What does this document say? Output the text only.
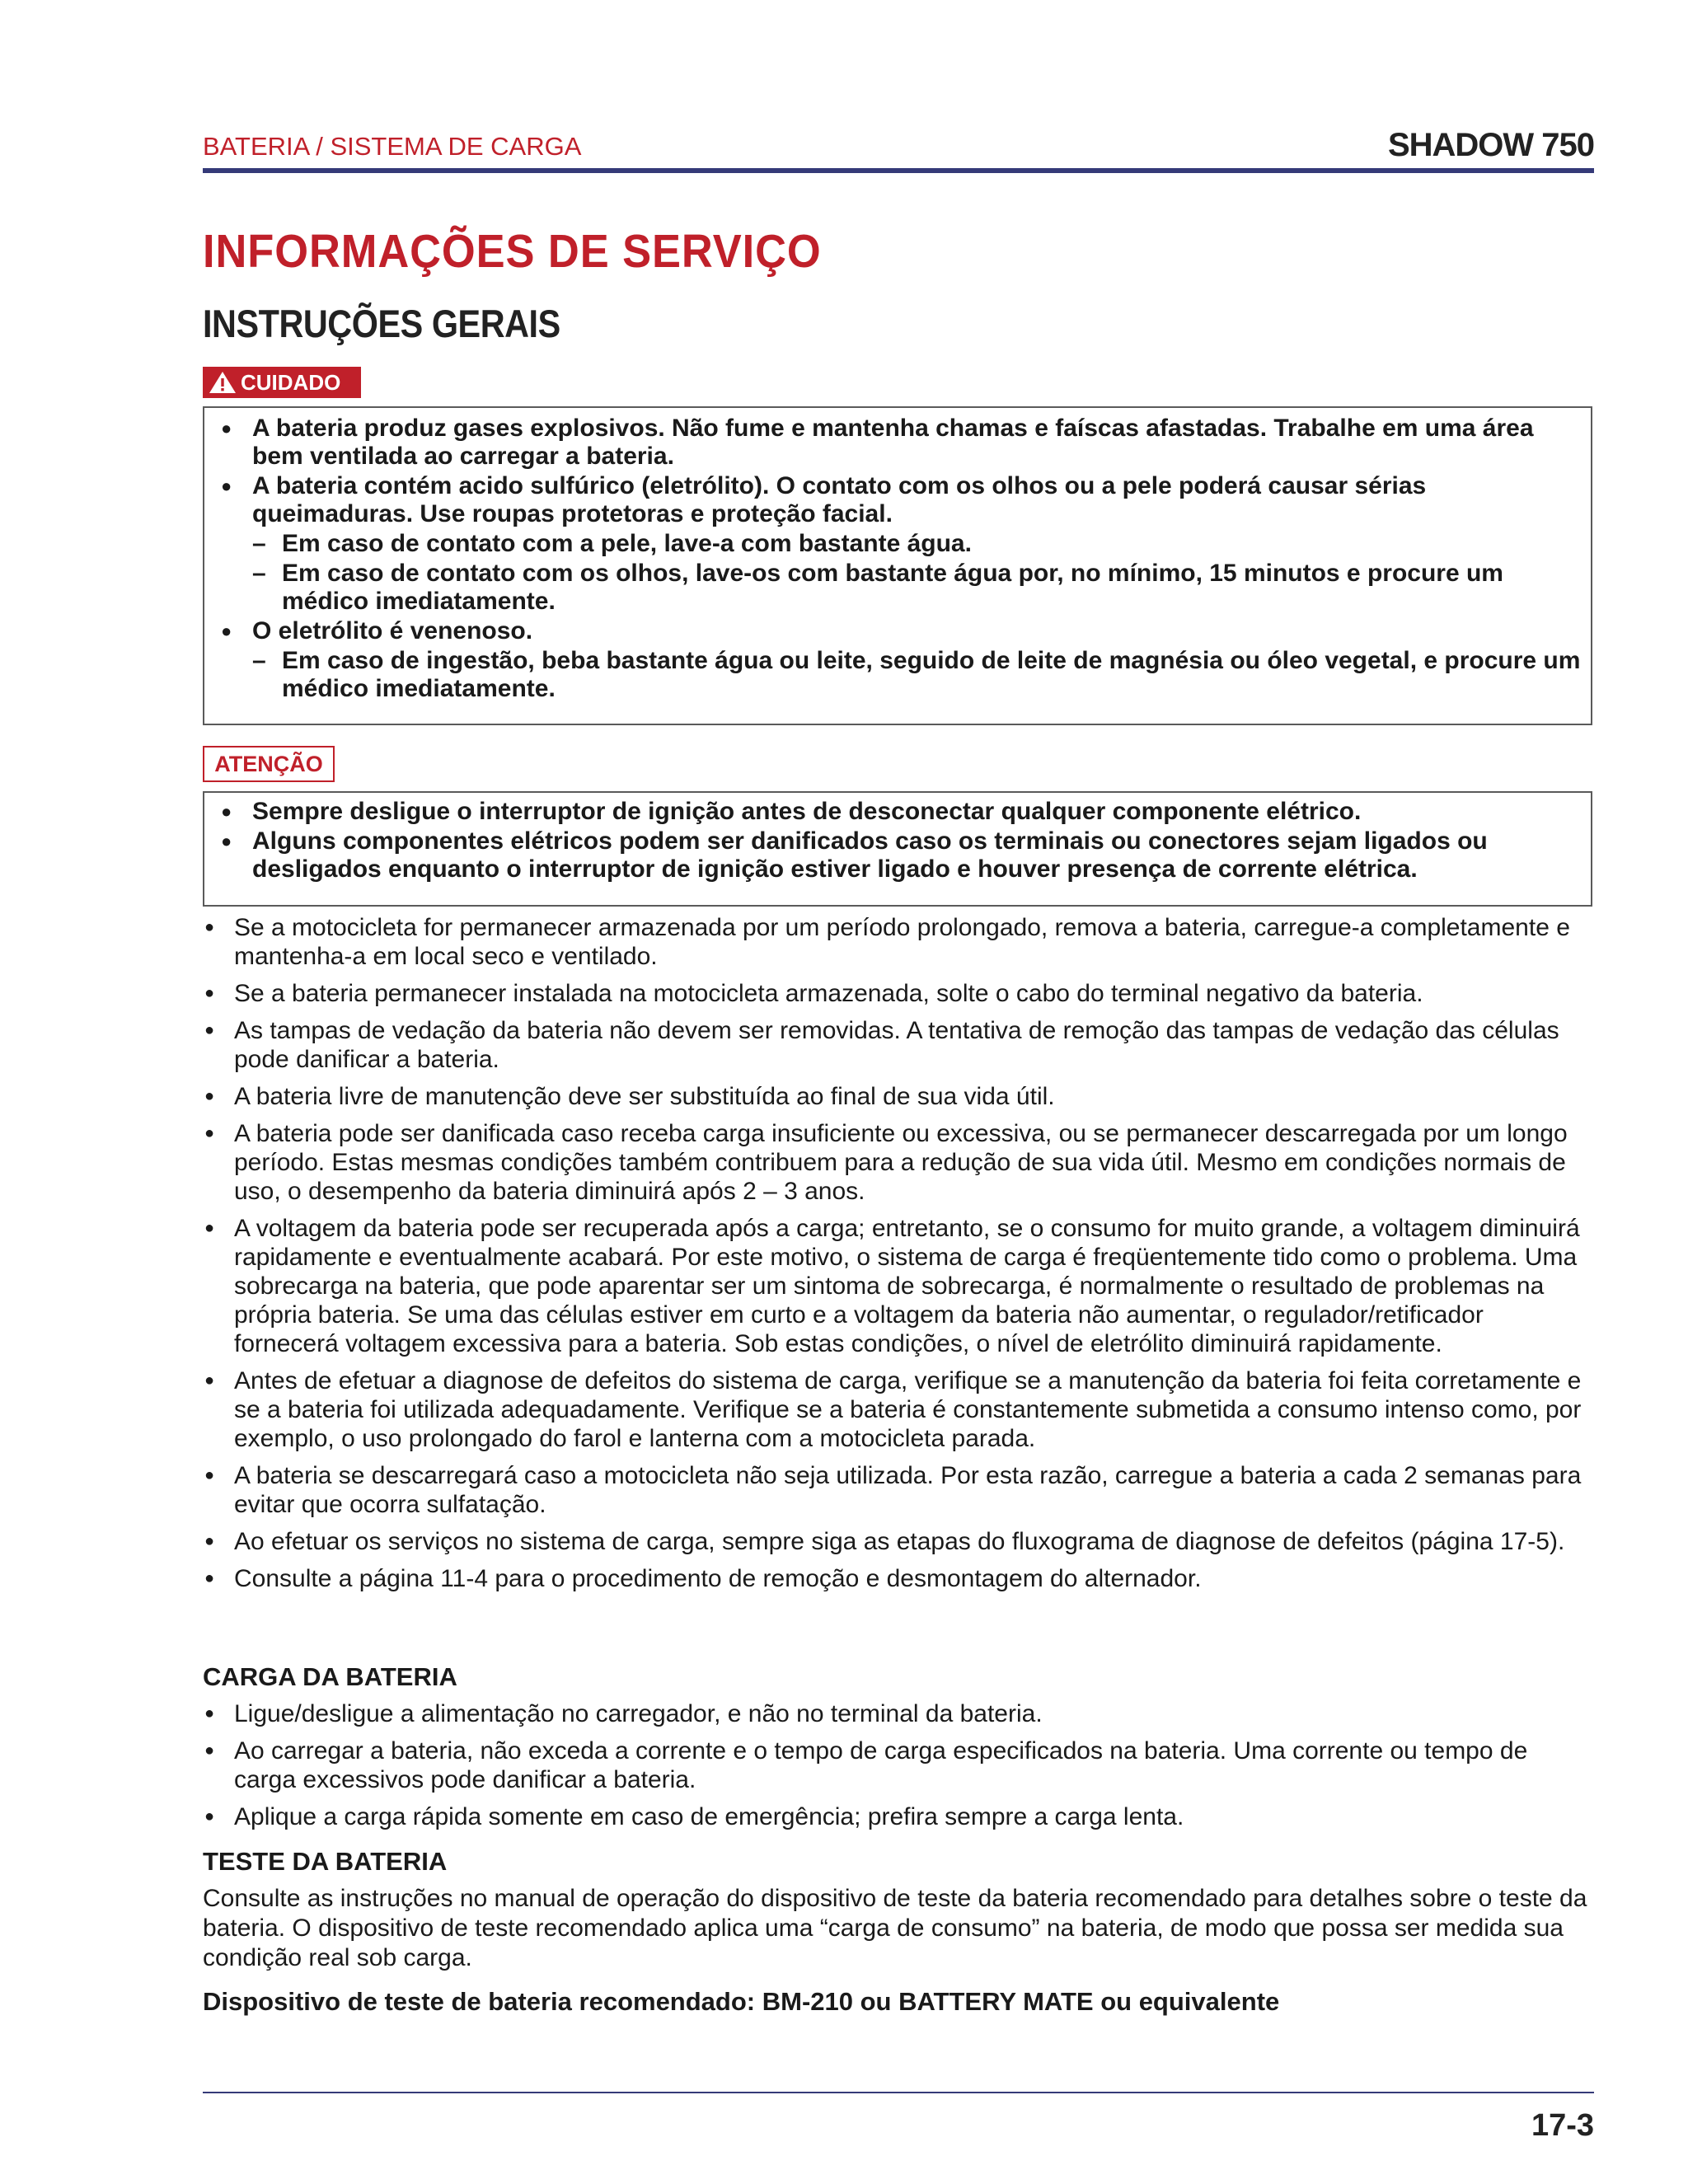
BATERIA / SISTEMA DE CARGA	SHADOW 750
INFORMAÇÕES DE SERVIÇO
INSTRUÇÕES GERAIS
CUIDADO
● A bateria produz gases explosivos. Não fume e mantenha chamas e faíscas afastadas. Trabalhe em uma área bem ventilada ao carregar a bateria.
● A bateria contém acido sulfúrico (eletrólito). O contato com os olhos ou a pele poderá causar sérias queimaduras. Use roupas protetoras e proteção facial.
– Em caso de contato com a pele, lave-a com bastante água.
– Em caso de contato com os olhos, lave-os com bastante água por, no mínimo, 15 minutos e procure um médico imediatamente.
● O eletrólito é venenoso.
– Em caso de ingestão, beba bastante água ou leite, seguido de leite de magnésia ou óleo vegetal, e procure um médico imediatamente.
ATENÇÃO
● Sempre desligue o interruptor de ignição antes de desconectar qualquer componente elétrico.
● Alguns componentes elétricos podem ser danificados caso os terminais ou conectores sejam ligados ou desligados enquanto o interruptor de ignição estiver ligado e houver presença de corrente elétrica.
● Se a motocicleta for permanecer armazenada por um período prolongado, remova a bateria, carregue-a completamente e mantenha-a em local seco e ventilado.
● Se a bateria permanecer instalada na motocicleta armazenada, solte o cabo do terminal negativo da bateria.
● As tampas de vedação da bateria não devem ser removidas. A tentativa de remoção das tampas de vedação das células pode danificar a bateria.
● A bateria livre de manutenção deve ser substituída ao final de sua vida útil.
● A bateria pode ser danificada caso receba carga insuficiente ou excessiva, ou se permanecer descarregada por um longo período. Estas mesmas condições também contribuem para a redução de sua vida útil. Mesmo em condições normais de uso, o desempenho da bateria diminuirá após 2 – 3 anos.
● A voltagem da bateria pode ser recuperada após a carga; entretanto, se o consumo for muito grande, a voltagem diminuirá rapidamente e eventualmente acabará. Por este motivo, o sistema de carga é freqüentemente tido como o problema. Uma sobrecarga na bateria, que pode aparentar ser um sintoma de sobrecarga, é normalmente o resultado de problemas na própria bateria. Se uma das células estiver em curto e a voltagem da bateria não aumentar, o regulador/retificador fornecerá voltagem excessiva para a bateria. Sob estas condições, o nível de eletrólito diminuirá rapidamente.
● Antes de efetuar a diagnose de defeitos do sistema de carga, verifique se a manutenção da bateria foi feita corretamente e se a bateria foi utilizada adequadamente. Verifique se a bateria é constantemente submetida a consumo intenso como, por exemplo, o uso prolongado do farol e lanterna com a motocicleta parada.
● A bateria se descarregará caso a motocicleta não seja utilizada. Por esta razão, carregue a bateria a cada 2 semanas para evitar que ocorra sulfatação.
● Ao efetuar os serviços no sistema de carga, sempre siga as etapas do fluxograma de diagnose de defeitos (página 17-5).
● Consulte a página 11-4 para o procedimento de remoção e desmontagem do alternador.
CARGA DA BATERIA
● Ligue/desligue a alimentação no carregador, e não no terminal da bateria.
● Ao carregar a bateria, não exceda a corrente e o tempo de carga especificados na bateria. Uma corrente ou tempo de carga excessivos pode danificar a bateria.
● Aplique a carga rápida somente em caso de emergência; prefira sempre a carga lenta.
TESTE DA BATERIA
Consulte as instruções no manual de operação do dispositivo de teste da bateria recomendado para detalhes sobre o teste da bateria. O dispositivo de teste recomendado aplica uma “carga de consumo” na bateria, de modo que possa ser medida sua condição real sob carga.
Dispositivo de teste de bateria recomendado: BM-210 ou BATTERY MATE ou equivalente
17-3
